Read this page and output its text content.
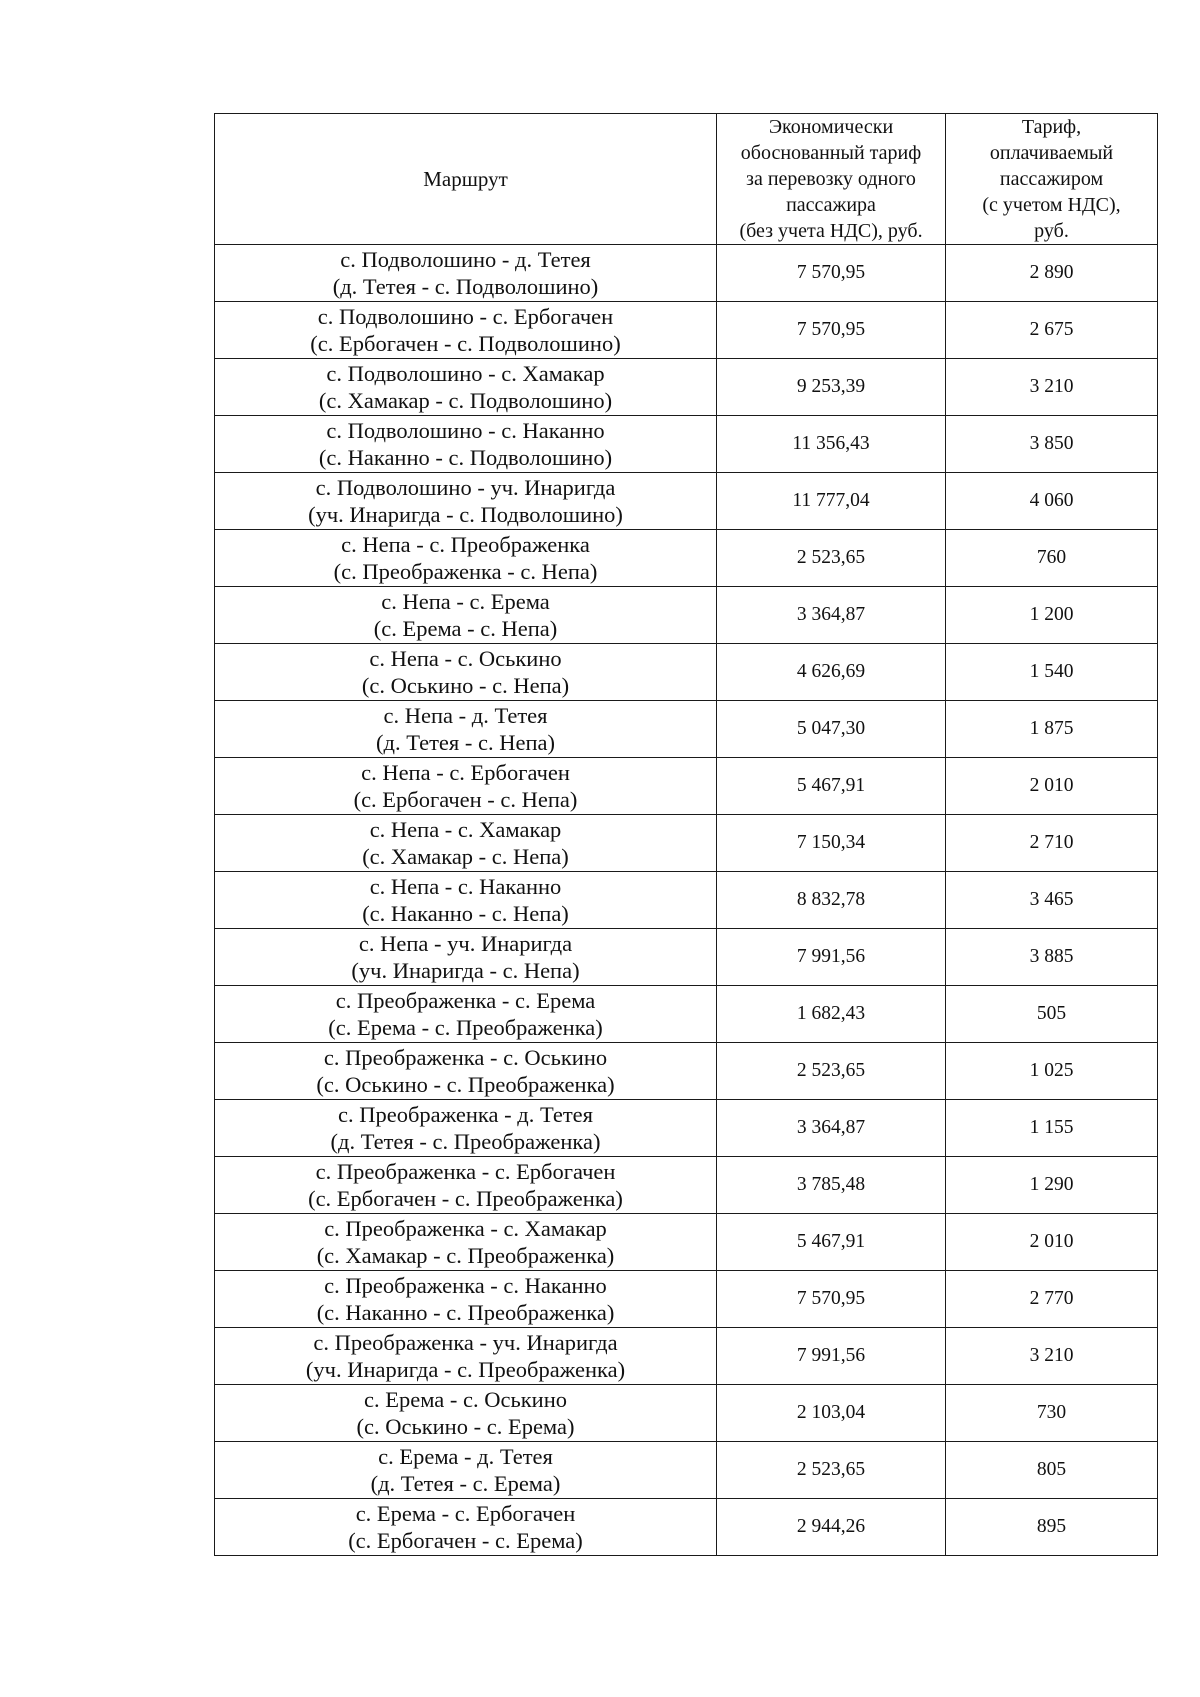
Маршрут	Экономически
обоснованный тариф
за перевозку одного
пассажира
(без учета НДС), руб.	Тариф,
оплачиваемый
пассажиром
(с учетом НДС),
руб.

с. Подволошино - д. Тетея
(д. Тетея - с. Подволошино)	7 570,95	2 890

с. Подволошино - с. Ербогачен
(с. Ербогачен - с. Подволошино)	7 570,95	2 675

с. Подволошино - с. Хамакар
(с. Хамакар - с. Подволошино)	9 253,39	3 210

с. Подволошино - с. Наканно
(с. Наканно - с. Подволошино)	11 356,43	3 850

с. Подволошино - уч. Инаригда
(уч. Инаригда - с. Подволошино)	11 777,04	4 060

с. Непа - с. Преображенка
(с. Преображенка - с. Непа)	2 523,65	760

с. Непа - с. Ерема
(с. Ерема - с. Непа)	3 364,87	1 200

с. Непа - с. Оськино
(с. Оськино - с. Непа)	4 626,69	1 540

с. Непа - д. Тетея
(д. Тетея - с. Непа)	5 047,30	1 875

с. Непа - с. Ербогачен
(с. Ербогачен - с. Непа)	5 467,91	2 010

с. Непа - с. Хамакар
(с. Хамакар - с. Непа)	7 150,34	2 710

с. Непа - с. Наканно
(с. Наканно - с. Непа)	8 832,78	3 465

с. Непа - уч. Инаригда
(уч. Инаригда - с. Непа)	7 991,56	3 885

с. Преображенка - с. Ерема
(с. Ерема - с. Преображенка)	1 682,43	505

с. Преображенка - с. Оськино
(с. Оськино - с. Преображенка)	2 523,65	1 025

с. Преображенка - д. Тетея
(д. Тетея - с. Преображенка)	3 364,87	1 155

с. Преображенка - с. Ербогачен
(с. Ербогачен - с. Преображенка)	3 785,48	1 290

с. Преображенка - с. Хамакар
(с. Хамакар - с. Преображенка)	5 467,91	2 010

с. Преображенка - с. Наканно
(с. Наканно - с. Преображенка)	7 570,95	2 770

с. Преображенка - уч. Инаригда
(уч. Инаригда - с. Преображенка)	7 991,56	3 210

с. Ерема - с. Оськино
(с. Оськино - с. Ерема)	2 103,04	730

с. Ерема - д. Тетея
(д. Тетея - с. Ерема)	2 523,65	805

с. Ерема - с. Ербогачен
(с. Ербогачен - с. Ерема)	2 944,26	895
